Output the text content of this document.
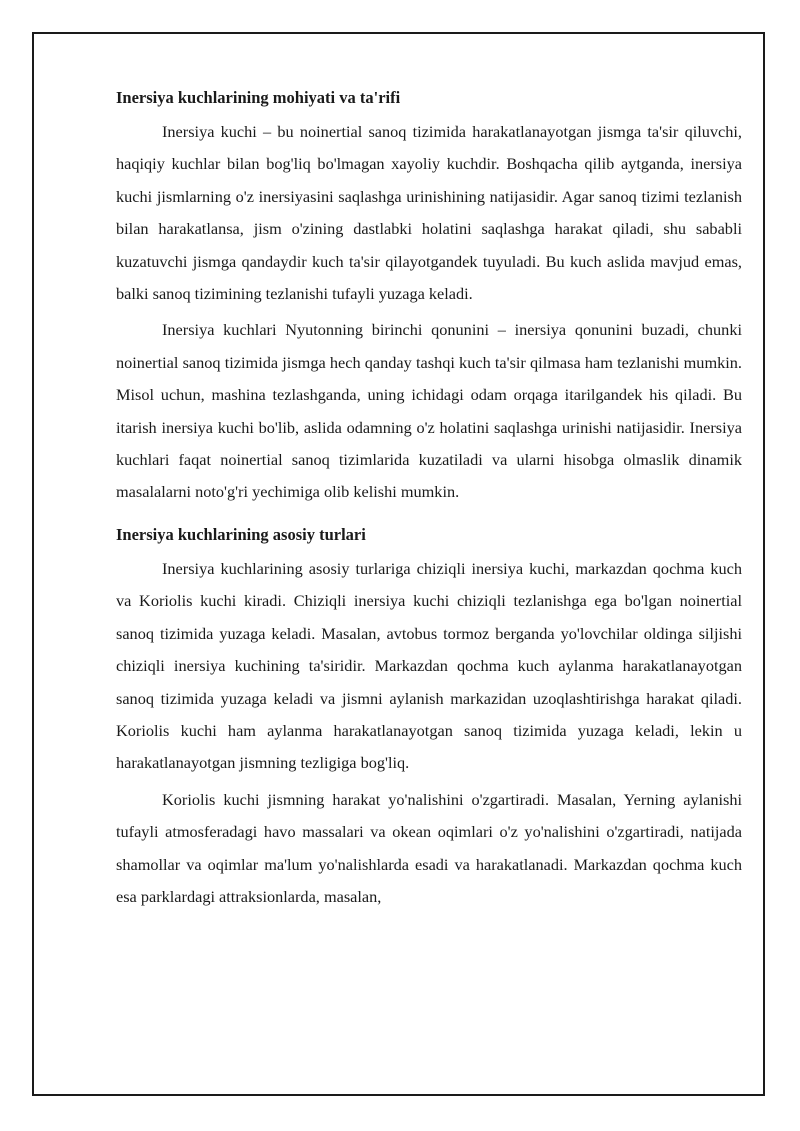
Inersiya kuchlarining mohiyati va ta'rifi

Inersiya kuchi – bu noinertial sanoq tizimida harakatlanayotgan jismga ta'sir qiluvchi, haqiqiy kuchlar bilan bog'liq bo'lmagan xayoliy kuchdir. Boshqacha qilib aytganda, inersiya kuchi jismlarning o'z inersiyasini saqlashga urinishining natijasidir. Agar sanoq tizimi tezlanish bilan harakatlansa, jism o'zining dastlabki holatini saqlashga harakat qiladi, shu sababli kuzatuvchi jismga qandaydir kuch ta'sir qilayotgandek tuyuladi. Bu kuch aslida mavjud emas, balki sanoq tizimining tezlanishi tufayli yuzaga keladi.

Inersiya kuchlari Nyutonning birinchi qonunini – inersiya qonunini buzadi, chunki noinertial sanoq tizimida jismga hech qanday tashqi kuch ta'sir qilmasa ham tezlanishi mumkin. Misol uchun, mashina tezlashganda, uning ichidagi odam orqaga itarilgandek his qiladi. Bu itarish inersiya kuchi bo'lib, aslida odamning o'z holatini saqlashga urinishi natijasidir. Inersiya kuchlari faqat noinertial sanoq tizimlarida kuzatiladi va ularni hisobga olmaslik dinamik masalalarni noto'g'ri yechimiga olib kelishi mumkin.

Inersiya kuchlarining asosiy turlari

Inersiya kuchlarining asosiy turlariga chiziqli inersiya kuchi, markazdan qochma kuch va Koriolis kuchi kiradi. Chiziqli inersiya kuchi chiziqli tezlanishga ega bo'lgan noinertial sanoq tizimida yuzaga keladi. Masalan, avtobus tormoz berganda yo'lovchilar oldinga siljishi chiziqli inersiya kuchining ta'siridir. Markazdan qochma kuch aylanma harakatlanayotgan sanoq tizimida yuzaga keladi va jismni aylanish markazidan uzoqlashtirishga harakat qiladi. Koriolis kuchi ham aylanma harakatlanayotgan sanoq tizimida yuzaga keladi, lekin u harakatlanayotgan jismning tezligiga bog'liq.

Koriolis kuchi jismning harakat yo'nalishini o'zgartiradi. Masalan, Yerning aylanishi tufayli atmosferadagi havo massalari va okean oqimlari o'z yo'nalishini o'zgartiradi, natijada shamollar va oqimlar ma'lum yo'nalishlarda esadi va harakatlanadi. Markazdan qochma kuch esa parklardagi attraksionlarda, masalan,
